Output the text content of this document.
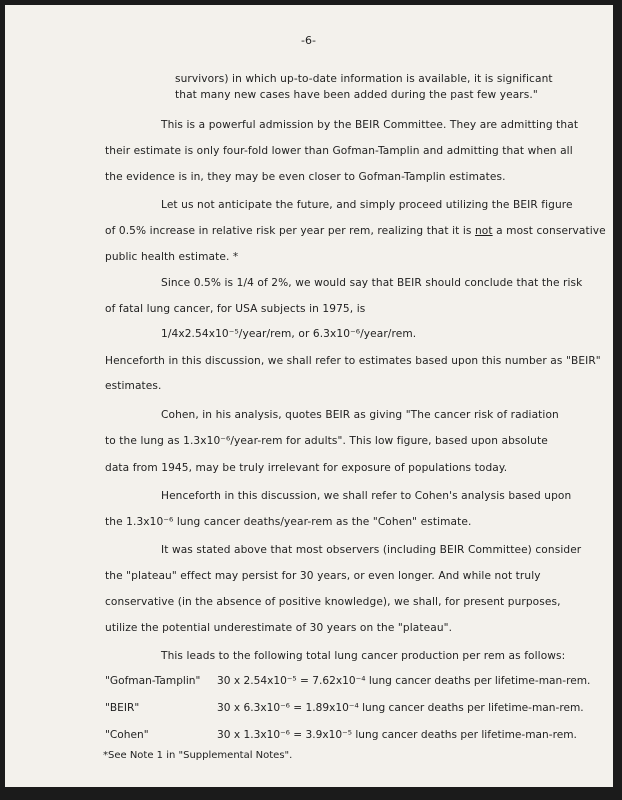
-6-
survivors) in which up-to-date information is available, it is significant
that many new cases have been added during the past few years."
This is a powerful admission by the BEIR Committee. They are admitting that
their estimate is only four-fold lower than Gofman-Tamplin and admitting that when all
the evidence is in, they may be even closer to Gofman-Tamplin estimates.
Let us not anticipate the future, and simply proceed utilizing the BEIR figure
of 0.5% increase in relative risk per year per rem, realizing that it is not a most conservative
public health estimate. *
Since 0.5% is 1/4 of 2%, we would say that BEIR should conclude that the risk
of fatal lung cancer, for USA subjects in 1975, is
1/4x2.54x10⁻⁵/year/rem, or 6.3x10⁻⁶/year/rem.
Henceforth in this discussion, we shall refer to estimates based upon this number as "BEIR"
estimates.
Cohen, in his analysis, quotes BEIR as giving "The cancer risk of radiation
to the lung as 1.3x10⁻⁶/year-rem for adults". This low figure, based upon absolute
data from 1945, may be truly irrelevant for exposure of populations today.
Henceforth in this discussion, we shall refer to Cohen's analysis based upon
the 1.3x10⁻⁶ lung cancer deaths/year-rem as the "Cohen" estimate.
It was stated above that most observers (including BEIR Committee) consider
the "plateau" effect may persist for 30 years, or even longer. And while not truly
conservative (in the absence of positive knowledge), we shall, for present purposes,
utilize the potential underestimate of 30 years on the "plateau".
This leads to the following total lung cancer production per rem as follows:
"Gofman-Tamplin" 30 x 2.54x10⁻⁵ = 7.62x10⁻⁴ lung cancer deaths per lifetime-man-rem.
"BEIR"	30 x 6.3x10⁻⁶ = 1.89x10⁻⁴ lung cancer deaths per lifetime-man-rem.
"Cohen"	30 x 1.3x10⁻⁶ = 3.9x10⁻⁵ lung cancer deaths per lifetime-man-rem.
*See Note 1 in "Supplemental Notes".
